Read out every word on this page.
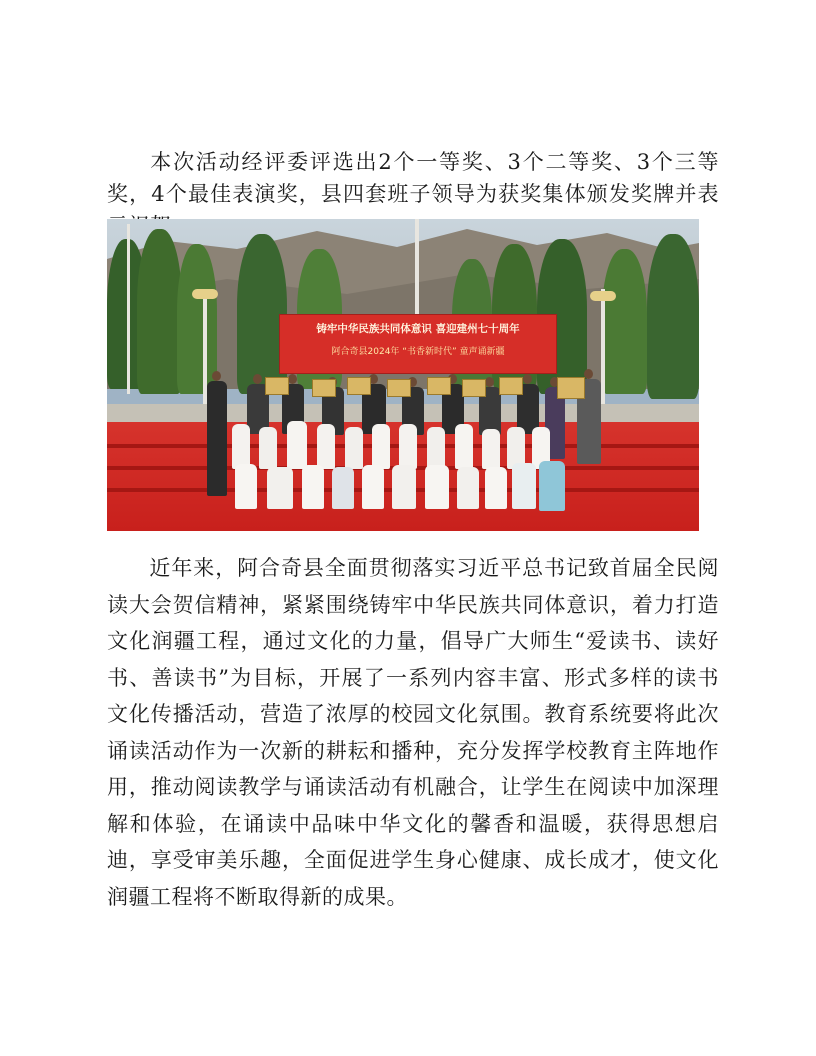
本次活动经评委评选出2个一等奖、3个二等奖、3个三等奖，4个最佳表演奖，县四套班子领导为获奖集体颁发奖牌并表

铸牢中华民族共同体意识 喜迎建州七十周年
阿合奇县2024年 “书香新时代” 童声诵新疆

近年来，阿合奇县全面贯彻落实习近平总书记致首届全民阅读大会贺信精神，紧紧围绕铸牢中华民族共同体意识，着力打造文化润疆工程，通过文化的力量，倡导广大师生“爱读书、读好书、善读书”为目标，开展了一系列内容丰富、形式多样的读书文化传播活动，营造了浓厚的校园文化氛围。教育系统要将此次诵读活动作为一次新的耕耘和播种，充分发挥学校教育主阵地作用，推动阅读教学与诵读活动有机融合，让学生在阅读中加深理解和体验，在诵读中品味中华文化的馨香和温暖，获得思想启迪，享受审美乐趣，全面促进学生身心健康、成长成才，使文化润疆工程将不断取得新的成果。
